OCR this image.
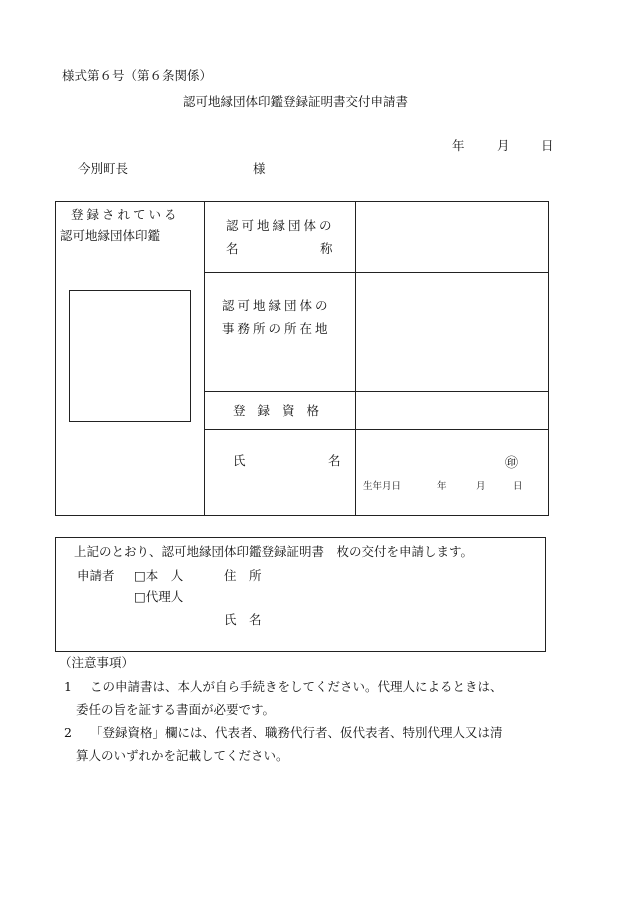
様式第６号（第６条関係）
認可地縁団体印鑑登録証明書交付申請書
年	月	日
今別町長	様
登録されている
認可地縁団体印鑑
認可地縁団体の
名	称
認可地縁団体の
事務所の所在地
登録資格
氏	名	㊞
生年月日	年	月	日
上記のとおり、認可地縁団体印鑑登録証明書　枚の交付を申請します。
申請者 □本　人	住　所
□代理人
氏　名
（注意事項）
1 この申請書は、本人が自ら手続きをしてください。代理人によるときは、
委任の旨を証する書面が必要です。
2 「登録資格」欄には、代表者、職務代行者、仮代表者、特別代理人又は清
算人のいずれかを記載してください。
